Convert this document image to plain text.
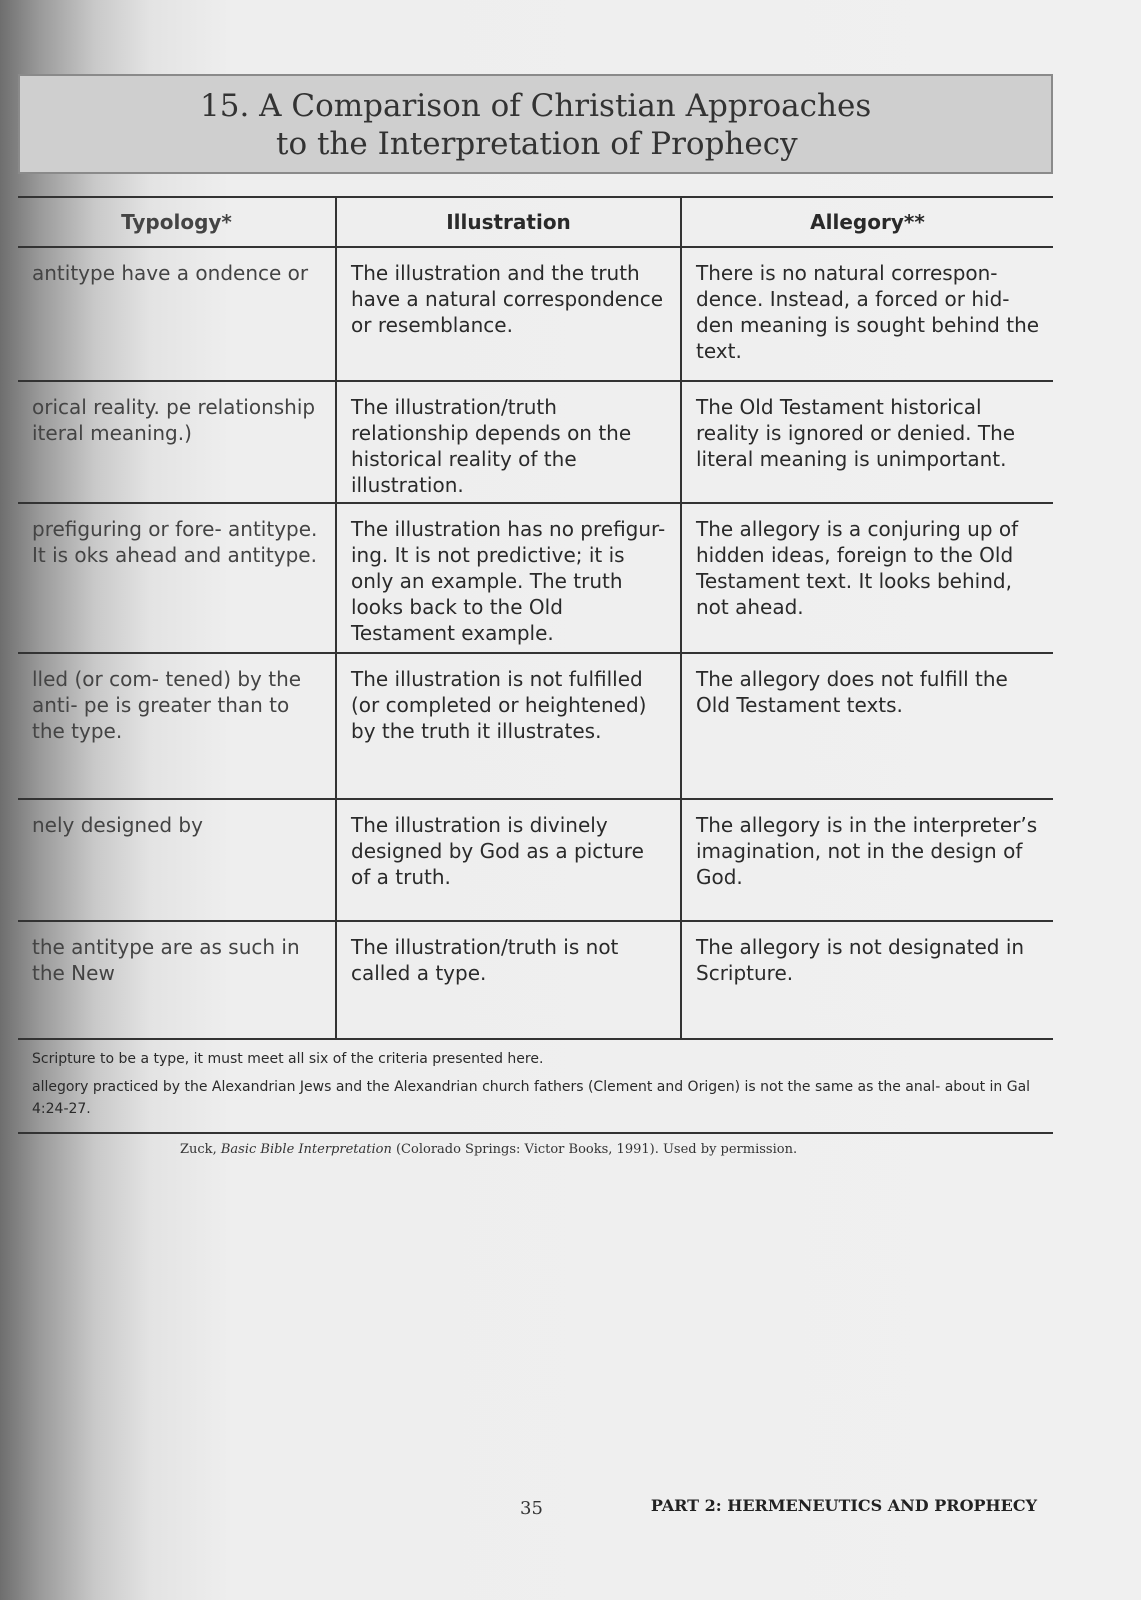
15. A Comparison of Christian Approaches
to the Interpretation of Prophecy
Typology*	Illustration	Allegory**
antitype have a ondence or	The illustration and the truth have a natural correspondence or resemblance.	There is no natural correspon-dence. Instead, a forced or hid-den meaning is sought behind the text.
orical reality. pe relationship iteral meaning.)	The illustration/truth relationship depends on the historical reality of the illustration.	The Old Testament historical reality is ignored or denied. The literal meaning is unimportant.
prefiguring or fore- antitype. It is oks ahead and antitype.	The illustration has no prefigur-ing. It is not predictive; it is only an example. The truth looks back to the Old Testament example.	The allegory is a conjuring up of hidden ideas, foreign to the Old Testament text. It looks behind, not ahead.
lled (or com- tened) by the anti- pe is greater than to the type.	The illustration is not fulfilled (or completed or heightened) by the truth it illustrates.	The allegory does not fulfill the Old Testament texts.
nely designed by	The illustration is divinely designed by God as a picture of a truth.	The allegory is in the interpreter’s imagination, not in the design of God.
the antitype are as such in the New	The illustration/truth is not called a type.	The allegory is not designated in Scripture.

Scripture to be a type, it must meet all six of the criteria presented here.

allegory practiced by the Alexandrian Jews and the Alexandrian church fathers (Clement and Origen) is not the same as the anal- about in Gal 4:24-27.		

Zuck, Basic Bible Interpretation (Colorado Springs: Victor Books, 1991). Used by permission.
35	PART 2: HERMENEUTICS AND PROPHECY
